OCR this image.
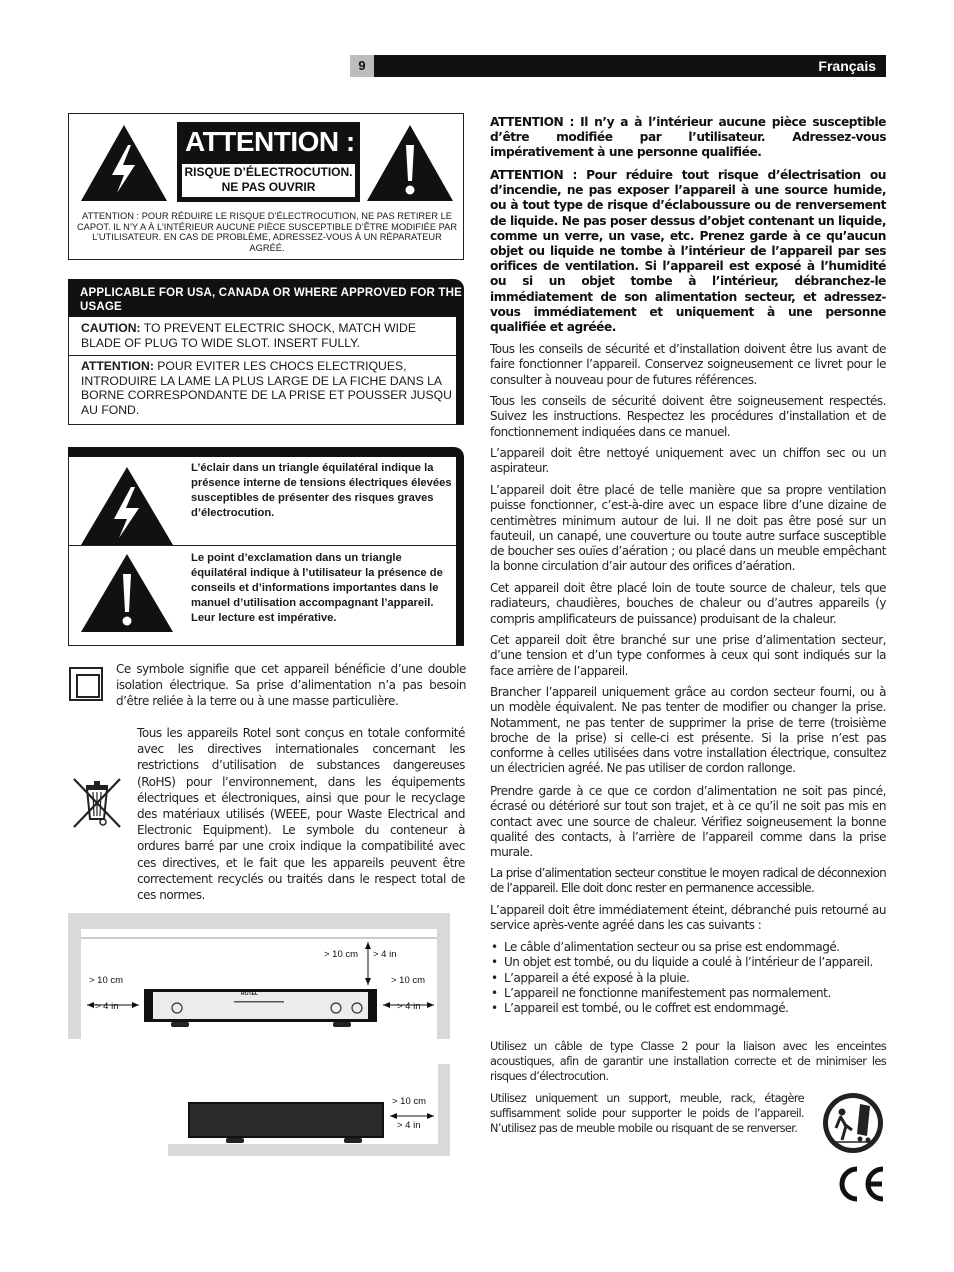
9	Français
ATTENTION :
RISQUE D’ÉLECTROCUTION.
NE PAS OUVRIR
ATTENTION : POUR RÉDUIRE LE RISQUE D’ÉLECTROCUTION, NE PAS RETIRER LE CAPOT. IL N’Y A À L’INTÉRIEUR AUCUNE PIÈCE SUSCEPTIBLE D’ÊTRE MODIFIÉE PAR L’UTILISATEUR. EN CAS DE PROBLÈME, ADRESSEZ-VOUS À UN RÉPARATEUR AGRÉÉ.
APPLICABLE FOR USA, CANADA OR WHERE APPROVED FOR THE USAGE
CAUTION: TO PREVENT ELECTRIC SHOCK, MATCH WIDE BLADE OF PLUG TO WIDE SLOT. INSERT FULLY.
ATTENTION: POUR EVITER LES CHOCS ELECTRIQUES, INTRODUIRE LA LAME LA PLUS LARGE DE LA FICHE DANS LA BORNE CORRESPONDANTE DE LA PRISE ET POUSSER JUSQU AU FOND.
L’éclair dans un triangle équilatéral indique la présence interne de tensions électriques élevées susceptibles de présenter des risques graves d’électrocution.
Le point d’exclamation dans un triangle équilatéral indique à l’utilisateur la présence de conseils et d’informations importantes dans le manuel d’utilisation accompagnant l’appareil. Leur lecture est impérative.
Ce symbole signifie que cet appareil bénéficie d’une double isolation électrique. Sa prise d’alimentation n’a pas besoin d’être reliée à la terre ou à une masse particulière.
Tous les appareils Rotel sont conçus en totale conformité avec les directives internationales concernant les restrictions d’utilisation de substances dangereuses (RoHS) pour l’environnement, dans les équipements électriques et électroniques, ainsi que pour le recyclage des matériaux utilisés (WEEE, pour Waste Electrical and Electronic Equipment). Le symbole du conteneur à ordures barré par une croix indique la compatibilité avec ces directives, et le fait que les appareils peuvent être correctement recyclés ou traités dans le respect total de ces normes.
> 10 cm > 4 in
> 10 cm
> 4 in
> 10 cm
> 4 in
ROTEL
> 10 cm
> 4 in
ATTENTION : Il n’y a à l’intérieur aucune pièce susceptible d’être modifiée par l’utilisateur. Adressez-vous impérativement à une personne qualifiée.
ATTENTION : Pour réduire tout risque d’électrisation ou d’incendie, ne pas exposer l’appareil à une source humide, ou à tout type de risque d’éclaboussure ou de renversement de liquide. Ne pas poser dessus d’objet contenant un liquide, comme un verre, un vase, etc. Prenez garde à ce qu’aucun objet ou liquide ne tombe à l’intérieur de l’appareil par ses orifices de ventilation. Si l’appareil est exposé à l’humidité ou si un objet tombe à l’intérieur, débranchez-le immédiatement de son alimentation secteur, et adressez-vous immédiatement et uniquement à une personne qualifiée et agréée.
Tous les conseils de sécurité et d’installation doivent être lus avant de faire fonctionner l’appareil. Conservez soigneusement ce livret pour le consulter à nouveau pour de futures références.
Tous les conseils de sécurité doivent être soigneusement respectés. Suivez les instructions. Respectez les procédures d’installation et de fonctionnement indiquées dans ce manuel.
L’appareil doit être nettoyé uniquement avec un chiffon sec ou un aspirateur.
L’appareil doit être placé de telle manière que sa propre ventilation puisse fonctionner, c’est-à-dire avec un espace libre d’une dizaine de centimètres minimum autour de lui. Il ne doit pas être posé sur un fauteuil, un canapé, une couverture ou toute autre surface susceptible de boucher ses ouïes d’aération ; ou placé dans un meuble empêchant la bonne circulation d’air autour des orifices d’aération.
Cet appareil doit être placé loin de toute source de chaleur, tels que radiateurs, chaudières, bouches de chaleur ou d’autres appareils (y compris amplificateurs de puissance) produisant de la chaleur.
Cet appareil doit être branché sur une prise d’alimentation secteur, d’une tension et d’un type conformes à ceux qui sont indiqués sur la face arrière de l’appareil.
Brancher l’appareil uniquement grâce au cordon secteur fourni, ou à un modèle équivalent. Ne pas tenter de modifier ou changer la prise. Notamment, ne pas tenter de supprimer la prise de terre (troisième broche de la prise) si celle-ci est présente. Si la prise n’est pas conforme à celles utilisées dans votre installation électrique, consultez un électricien agréé. Ne pas utiliser de cordon rallonge.
Prendre garde à ce que ce cordon d’alimentation ne soit pas pincé, écrasé ou détérioré sur tout son trajet, et à ce qu’il ne soit pas mis en contact avec une source de chaleur. Vérifiez soigneusement la bonne qualité des contacts, à l’arrière de l’appareil comme dans la prise murale.
La prise d’alimentation secteur constitue le moyen radical de déconnexion de l’appareil. Elle doit donc rester en permanence accessible.
L’appareil doit être immédiatement éteint, débranché puis retourné au service après-vente agréé dans les cas suivants :
• Le câble d’alimentation secteur ou sa prise est endommagé.
• Un objet est tombé, ou du liquide a coulé à l’intérieur de l’appareil.
• L’appareil a été exposé à la pluie.
• L’appareil ne fonctionne manifestement pas normalement.
• L’appareil est tombé, ou le coffret est endommagé.
Utilisez un câble de type Classe 2 pour la liaison avec les enceintes acoustiques, afin de garantir une installation correcte et de minimiser les risques d’électrocution.
Utilisez uniquement un support, meuble, rack, étagère suffisamment solide pour supporter le poids de l’appareil. N’utilisez pas de meuble mobile ou risquant de se renverser.
